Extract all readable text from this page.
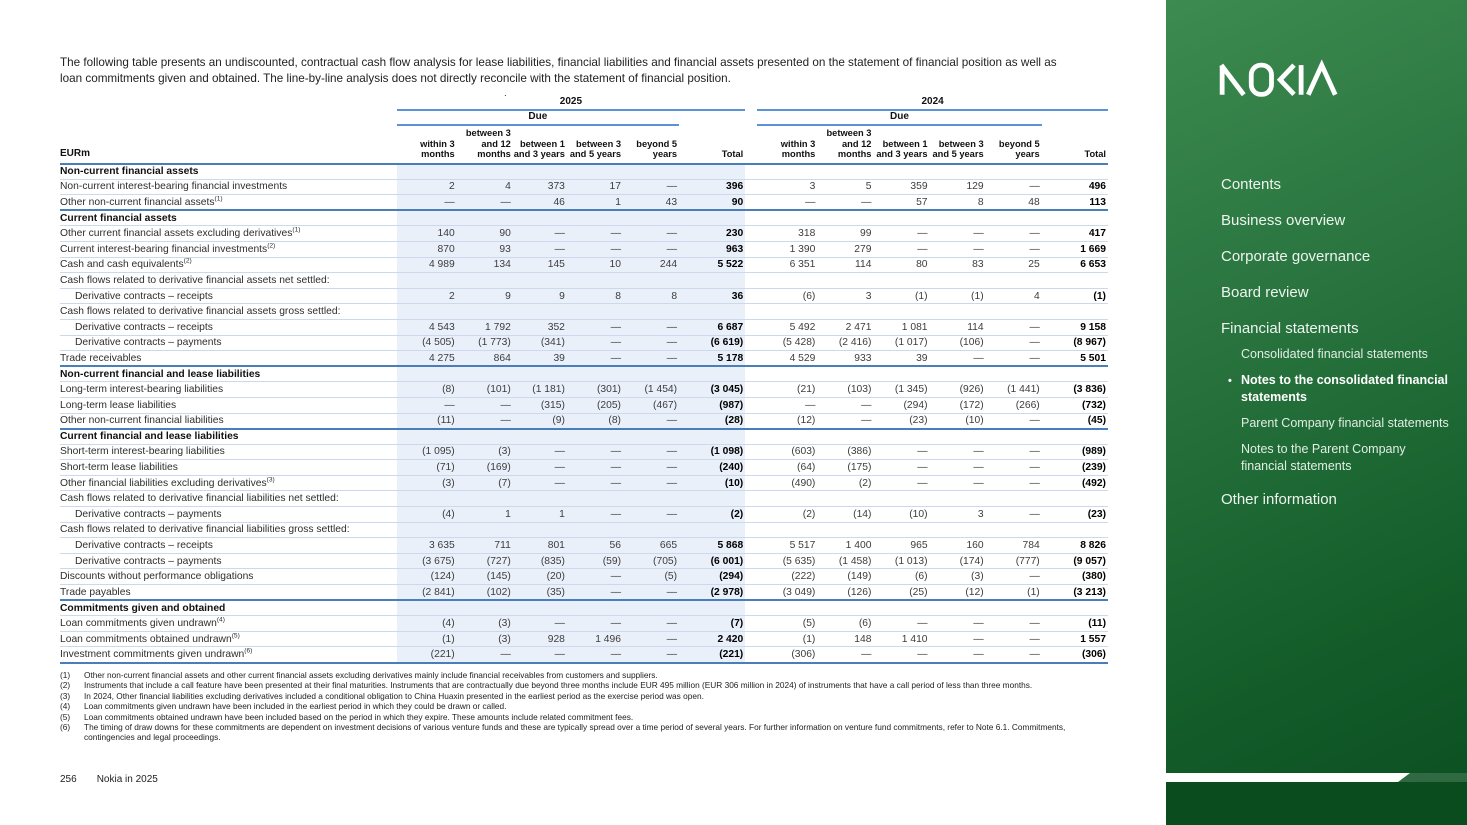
The following table presents an undiscounted, contractual cash flow analysis for lease liabilities, financial liabilities and financial assets presented on the statement of financial position as well as loan commitments given and obtained. The line-by-line analysis does not directly reconcile with the statement of financial position.

.
	2025							2024					
	Due							Due					
EURm	within 3 months	between 3 and 12 months	between 1 and 3 years	between 3 and 5 years	beyond 5 years	Total		within 3 months	between 3 and 12 months	between 1 and 3 years	between 3 and 5 years	beyond 5 years	Total
Non-current financial assets													
Non-current interest-bearing financial investments	2	4	373	17	—	396		3	5	359	129	—	496
Other non-current financial assets$^{(1)}$	—	—	46	1	43	90		—	—	57	8	48	113
Current financial assets													
Other current financial assets excluding derivatives$^{(1)}$	140	90	—	—	—	230		318	99	—	—	—	417
Current interest-bearing financial investments$^{(2)}$	870	93	—	—	—	963		1 390	279	—	—	—	1 669
Cash and cash equivalents$^{(2)}$	4 989	134	145	10	244	5 522		6 351	114	80	83	25	6 653
Cash flows related to derivative financial assets net settled:													
Derivative contracts – receipts	2	9	9	8	8	36		(6)	3	(1)	(1)	4	(1)
Cash flows related to derivative financial assets gross settled:													
Derivative contracts – receipts	4 543	1 792	352	—	—	6 687		5 492	2 471	1 081	114	—	9 158
Derivative contracts – payments	(4 505)	(1 773)	(341)	—	—	(6 619)		(5 428)	(2 416)	(1 017)	(106)	—	(8 967)
Trade receivables	4 275	864	39	—	—	5 178		4 529	933	39	—	—	5 501
Non-current financial and lease liabilities													
Long-term interest-bearing liabilities	(8)	(101)	(1 181)	(301)	(1 454)	(3 045)		(21)	(103)	(1 345)	(926)	(1 441)	(3 836)
Long-term lease liabilities	—	—	(315)	(205)	(467)	(987)		—	—	(294)	(172)	(266)	(732)
Other non-current financial liabilities	(11)	—	(9)	(8)	—	(28)		(12)	—	(23)	(10)	—	(45)
Current financial and lease liabilities													
Short-term interest-bearing liabilities	(1 095)	(3)	—	—	—	(1 098)		(603)	(386)	—	—	—	(989)
Short-term lease liabilities	(71)	(169)	—	—	—	(240)		(64)	(175)	—	—	—	(239)
Other financial liabilities excluding derivatives$^{(3)}$	(3)	(7)	—	—	—	(10)		(490)	(2)	—	—	—	(492)
Cash flows related to derivative financial liabilities net settled:													
Derivative contracts – payments	(4)	1	1	—	—	(2)		(2)	(14)	(10)	3	—	(23)
Cash flows related to derivative financial liabilities gross settled:													
Derivative contracts – receipts	3 635	711	801	56	665	5 868		5 517	1 400	965	160	784	8 826
Derivative contracts – payments	(3 675)	(727)	(835)	(59)	(705)	(6 001)		(5 635)	(1 458)	(1 013)	(174)	(777)	(9 057)
Discounts without performance obligations	(124)	(145)	(20)	—	(5)	(294)		(222)	(149)	(6)	(3)	—	(380)
Trade payables	(2 841)	(102)	(35)	—	—	(2 978)		(3 049)	(126)	(25)	(12)	(1)	(3 213)
Commitments given and obtained													
Loan commitments given undrawn$^{(4)}$	(4)	(3)	—	—	—	(7)		(5)	(6)	—	—	—	(11)
Loan commitments obtained undrawn$^{(5)}$	(1)	(3)	928	1 496	—	2 420		(1)	148	1 410	—	—	1 557
Investment commitments given undrawn$^{(6)}$	(221)	—	—	—	—	(221)		(306)	—	—	—	—	(306)
(1)	Other non-current financial assets and other current financial assets excluding derivatives mainly include financial receivables from customers and suppliers.
(2)	Instruments that include a call feature have been presented at their final maturities. Instruments that are contractually due beyond three months include EUR 495 million (EUR 306 million in 2024) of instruments that have a call period of less than three months.
(3)	In 2024, Other financial liabilities excluding derivatives included a conditional obligation to China Huaxin presented in the earliest period as the exercise period was open.
(4)	Loan commitments given undrawn have been included in the earliest period in which they could be drawn or called.
(5)	Loan commitments obtained undrawn have been included based on the period in which they expire. These amounts include related commitment fees.
(6)	The timing of draw downs for these commitments are dependent on investment decisions of various venture funds and these are typically spread over a time period of several years. For further information on venture fund commitments, refer to Note 6.1. Commitments, contingencies and legal proceedings.
256 Nokia in 2025
Contents
Business overview
Corporate governance
Board review
Financial statements
Consolidated financial statements
• Notes to the consolidated financial statements
Parent Company financial statements
Notes to the Parent Company financial statements
Other information
